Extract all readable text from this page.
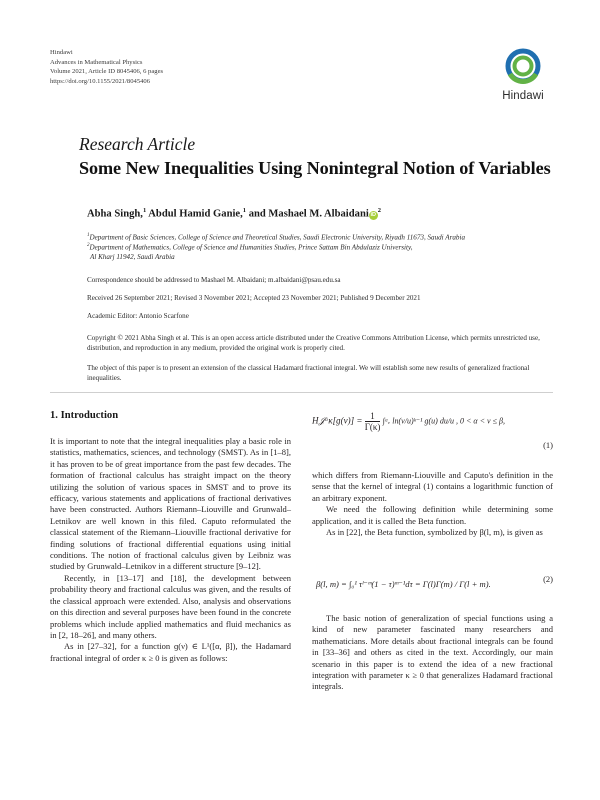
Hindawi
Advances in Mathematical Physics
Volume 2021, Article ID 8045406, 6 pages
https://doi.org/10.1155/2021/8045406
Hindawi
Research Article
Some New Inequalities Using Nonintegral Notion of Variables
Abha Singh,$^1$ Abdul Hamid Ganie,$^1$ and Mashael M. Albaidani $iD^2$
$^1$Department of Basic Sciences, College of Science and Theoretical Studies, Saudi Electronic University, Riyadh 11673, Saudi Arabia
$^2$Department of Mathematics, College of Science and Humanities Studies, Prince Sattam Bin Abdulaziz University,
Al Kharj 11942, Saudi Arabia
Correspondence should be addressed to Mashael M. Albaidani; m.albaidani@psau.edu.sa
Received 26 September 2021; Revised 3 November 2021; Accepted 23 November 2021; Published 9 December 2021
Academic Editor: Antonio Scarfone
Copyright © 2021 Abha Singh et al. This is an open access article distributed under the Creative Commons Attribution License, which permits unrestricted use, distribution, and reproduction in any medium, provided the original work is properly cited.
The object of this paper is to present an extension of the classical Hadamard fractional integral. We will establish some new results of generalized fractional inequalities.
1. Introduction

It is important to note that the integral inequalities play a basic role in statistics, mathematics, sciences, and technology (SMST). As in [1–8], it has proven to be of great importance from the past few decades. The formation of fractional calculus has straight impact on the theory utilizing the solution of various spaces in SMST and to prove its efficacy, various statements and applications of fractional derivatives have been constructed. Authors Riemann–Liouville and Grunwald–Letnikov are well known in this filed. Caputo reformulated the classical statement of the Riemann–Liouville fractional derivative for finding solutions of fractional differential equations using initial conditions. The notion of fractional calculus given by Leibniz was studied by Grunwald–Letnikov in a different structure [9–12].

Recently, in [13–17] and [18], the development between probability theory and fractional calculus was given, and the results of the classical approach were extended. Also, analysis and observations on this direction and several purposes have been found in the concrete problems which include applied mathematics and fluid mechanics as in [2, 18–26], and many others.

As in [27–32], for a function ɡ(ν) ∈ L¹([α, β]), the Hadamard fractional integral of order κ ≥ 0 is given as follows:

H𝒥ᵅκ[ɡ(ν)] = $\frac{1}{\Gamma(\kappa)}$ ∫ᵅᵥ ln(ν/u)ᵏ⁻¹ ɡ(u) du/u , 0 < α < ν ≤ β,
(1)

which differs from Riemann-Liouville and Caputo's definition in the sense that the kernel of integral (1) contains a logarithmic function of an arbitrary exponent.

We need the following definition while determining some application, and it is called the Beta function.

As in [22], the Beta function, symbolized by β(l, m), is given as

β(l, m) = ∫₀¹ τˡ⁻ᵐ(1 − τ)ᵐ⁻¹dτ = Γ(l)Γ(m) / Γ(l + m).	(2)

The basic notion of generalization of special functions using a kind of new parameter fascinated many researchers and mathematicians. More details about fractional integrals can be found in [33–36] and others as cited in the text. Accordingly, our main scenario in this paper is to extend the idea of a new fractional integration with parameter κ ≥ 0 that generalizes Hadamard fractional integrals.
